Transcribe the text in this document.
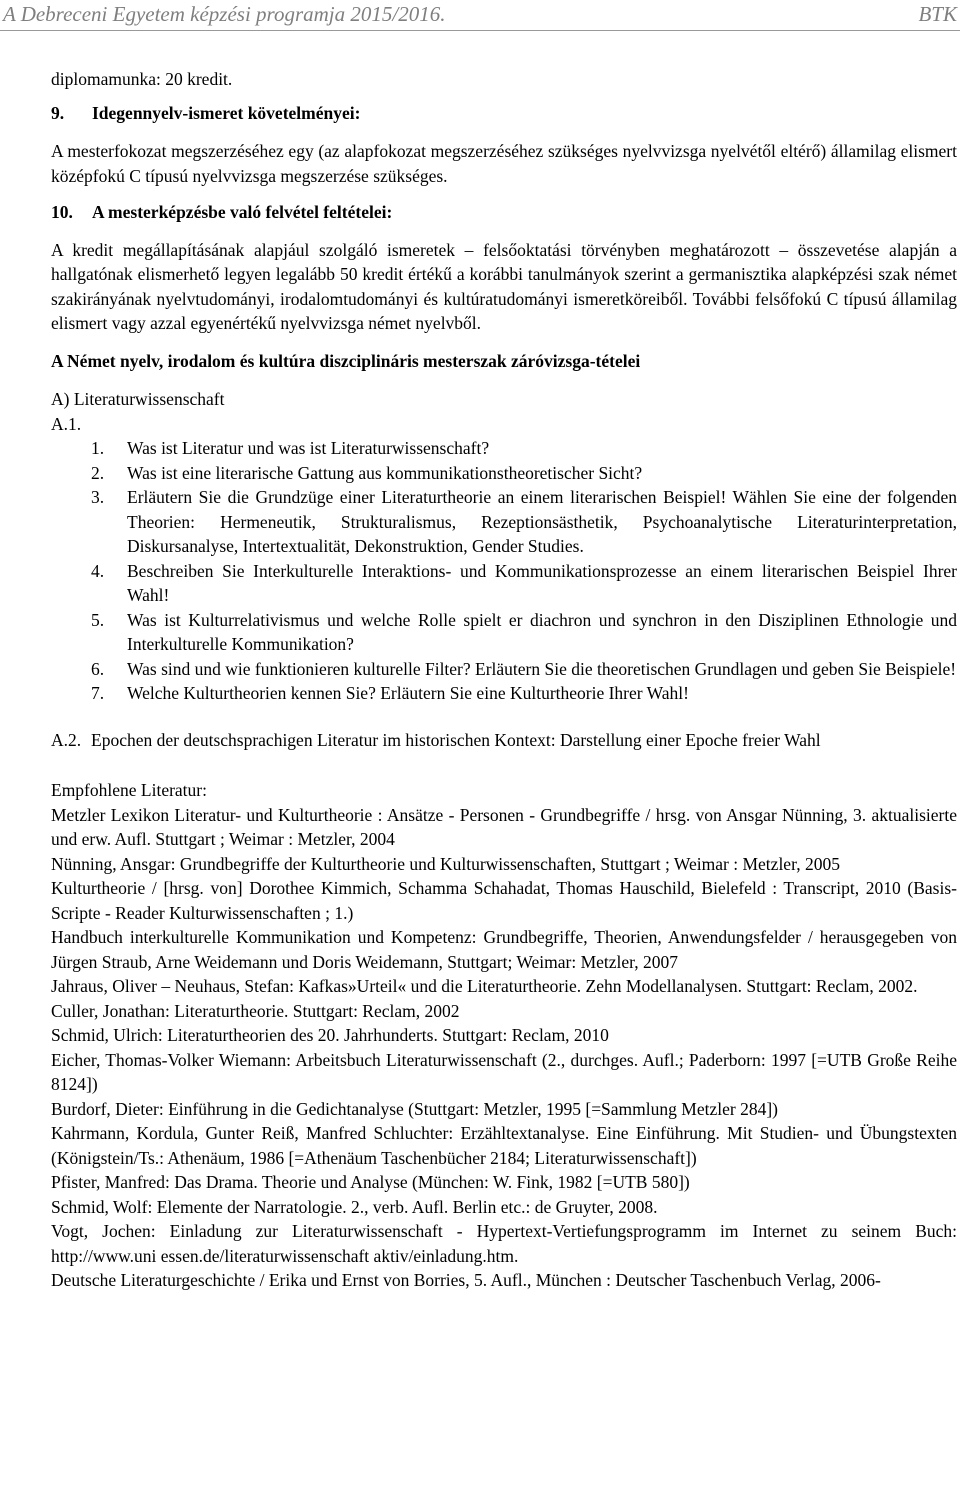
A Debreceni Egyetem képzési programja 2015/2016.	BTK

diplomamunka: 20 kredit.

9. Idegennyelv-ismeret követelményei:

A mesterfokozat megszerzéséhez egy (az alapfokozat megszerzéséhez szükséges nyelvvizsga nyelvétől eltérő) államilag elismert középfokú C típusú nyelvvizsga megszerzése szükséges.

10. A mesterképzésbe való felvétel feltételei:

A kredit megállapításának alapjául szolgáló ismeretek – felsőoktatási törvényben meghatározott – összevetése alapján a hallgatónak elismerhető legyen legalább 50 kredit értékű a korábbi tanulmányok szerint a germanisztika alapképzési szak német szakirányának nyelvtudományi, irodalomtudományi és kultúratudományi ismeretköreiből. További felsőfokú C típusú államilag elismert vagy azzal egyenértékű nyelvvizsga német nyelvből.

A Német nyelv, irodalom és kultúra diszciplináris mesterszak záróvizsga-tételei

A) Literaturwissenschaft

A.1.

1. Was ist Literatur und was ist Literaturwissenschaft?
2. Was ist eine literarische Gattung aus kommunikationstheoretischer Sicht?
3. Erläutern Sie die Grundzüge einer Literaturtheorie an einem literarischen Beispiel! Wählen Sie eine der folgenden Theorien: Hermeneutik, Strukturalismus, Rezeptionsästhetik, Psychoanalytische Literaturinterpretation, Diskursanalyse, Intertextualität, Dekonstruktion, Gender Studies.
4. Beschreiben Sie Interkulturelle Interaktions- und Kommunikationsprozesse an einem literarischen Beispiel Ihrer Wahl!
5. Was ist Kulturrelativismus und welche Rolle spielt er diachron und synchron in den Disziplinen Ethnologie und Interkulturelle Kommunikation?
6. Was sind und wie funktionieren kulturelle Filter? Erläutern Sie die theoretischen Grundlagen und geben Sie Beispiele!
7. Welche Kulturtheorien kennen Sie? Erläutern Sie eine Kulturtheorie Ihrer Wahl!
A.2. Epochen der deutschsprachigen Literatur im historischen Kontext: Darstellung einer Epoche freier Wahl

Empfohlene Literatur:

Metzler Lexikon Literatur- und Kulturtheorie : Ansätze - Personen - Grundbegriffe / hrsg. von Ansgar Nünning, 3. aktualisierte und erw. Aufl. Stuttgart ; Weimar : Metzler, 2004

Nünning, Ansgar: Grundbegriffe der Kulturtheorie und Kulturwissenschaften, Stuttgart ; Weimar : Metzler, 2005

Kulturtheorie / [hrsg. von] Dorothee Kimmich, Schamma Schahadat, Thomas Hauschild, Bielefeld : Transcript, 2010 (Basis-Scripte - Reader Kulturwissenschaften ; 1.)

Handbuch interkulturelle Kommunikation und Kompetenz: Grundbegriffe, Theorien, Anwendungsfelder / herausgegeben von Jürgen Straub, Arne Weidemann und Doris Weidemann, Stuttgart; Weimar: Metzler, 2007

Jahraus, Oliver – Neuhaus, Stefan: Kafkas»Urteil« und die Literaturtheorie. Zehn Modellanalysen. Stuttgart: Reclam, 2002.

Culler, Jonathan: Literaturtheorie. Stuttgart: Reclam, 2002

Schmid, Ulrich: Literaturtheorien des 20. Jahrhunderts. Stuttgart: Reclam, 2010

Eicher, Thomas-Volker Wiemann: Arbeitsbuch Literaturwissenschaft (2., durchges. Aufl.; Paderborn: 1997 [=UTB Große Reihe 8124])

Burdorf, Dieter: Einführung in die Gedichtanalyse (Stuttgart: Metzler, 1995 [=Sammlung Metzler 284])

Kahrmann, Kordula, Gunter Reiß, Manfred Schluchter: Erzähltextanalyse. Eine Einführung. Mit Studien- und Übungstexten (Königstein/Ts.: Athenäum, 1986 [=Athenäum Taschenbücher 2184; Literaturwissenschaft])

Pfister, Manfred: Das Drama. Theorie und Analyse (München: W. Fink, 1982 [=UTB 580])

Schmid, Wolf: Elemente der Narratologie. 2., verb. Aufl. Berlin etc.: de Gruyter, 2008.

Vogt, Jochen: Einladung zur Literaturwissenschaft - Hypertext-Vertiefungsprogramm im Internet zu seinem Buch: http://www.uni essen.de/literaturwissenschaft aktiv/einladung.htm.

Deutsche Literaturgeschichte / Erika und Ernst von Borries, 5. Aufl., München : Deutscher Taschenbuch Verlag, 2006-
